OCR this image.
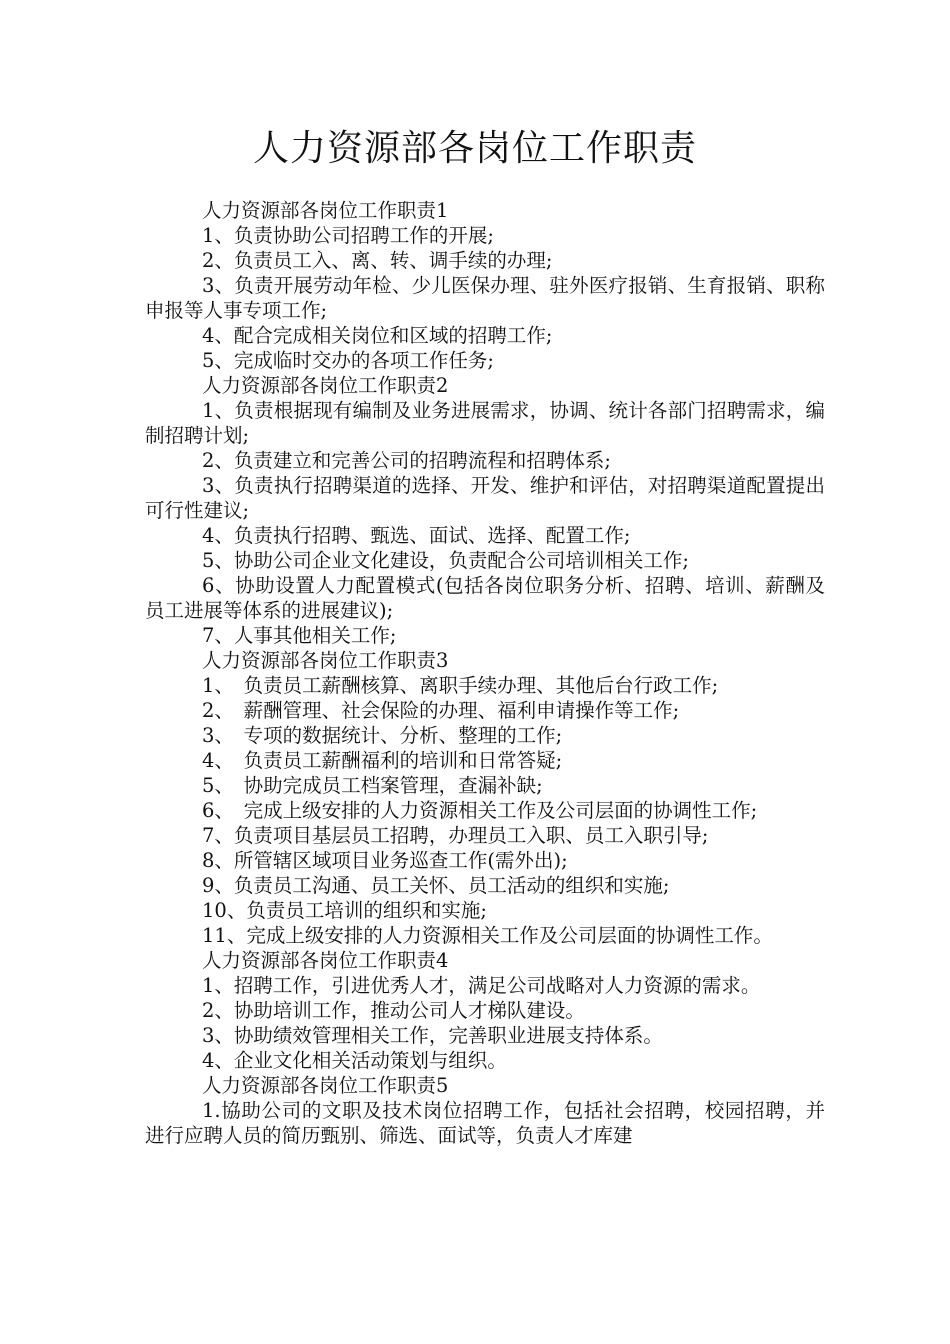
人力资源部各岗位工作职责

人力资源部各岗位工作职责1

1、负责协助公司招聘工作的开展;

2、负责员工入、离、转、调手续的办理;

3、负责开展劳动年检、少儿医保办理、驻外医疗报销、生育报销、职称申报等人事专项工作;

4、配合完成相关岗位和区域的招聘工作;

5、完成临时交办的各项工作任务;

人力资源部各岗位工作职责2

1、负责根据现有编制及业务进展需求，协调、统计各部门招聘需求，编制招聘计划;

2、负责建立和完善公司的招聘流程和招聘体系;

3、负责执行招聘渠道的选择、开发、维护和评估，对招聘渠道配置提出可行性建议;

4、负责执行招聘、甄选、面试、选择、配置工作;

5、协助公司企业文化建设，负责配合公司培训相关工作;

6、协助设置人力配置模式(包括各岗位职务分析、招聘、培训、薪酬及员工进展等体系的进展建议);

7、人事其他相关工作;

人力资源部各岗位工作职责3

1、　负责员工薪酬核算、离职手续办理、其他后台行政工作;

2、　薪酬管理、社会保险的办理、福利申请操作等工作;

3、　专项的数据统计、分析、整理的工作;

4、　负责员工薪酬福利的培训和日常答疑;

5、　协助完成员工档案管理，查漏补缺;

6、　完成上级安排的人力资源相关工作及公司层面的协调性工作;

7、负责项目基层员工招聘，办理员工入职、员工入职引导;

8、所管辖区域项目业务巡查工作(需外出);

9、负责员工沟通、员工关怀、员工活动的组织和实施;

10、负责员工培训的组织和实施;

11、完成上级安排的人力资源相关工作及公司层面的协调性工作。

人力资源部各岗位工作职责4

1、招聘工作，引进优秀人才，满足公司战略对人力资源的需求。

2、协助培训工作，推动公司人才梯队建设。

3、协助绩效管理相关工作，完善职业进展支持体系。

4、企业文化相关活动策划与组织。

人力资源部各岗位工作职责5

1.協助公司的文职及技术岗位招聘工作，包括社会招聘，校园招聘，并进行应聘人员的简历甄别、筛选、面试等，负责人才库建
